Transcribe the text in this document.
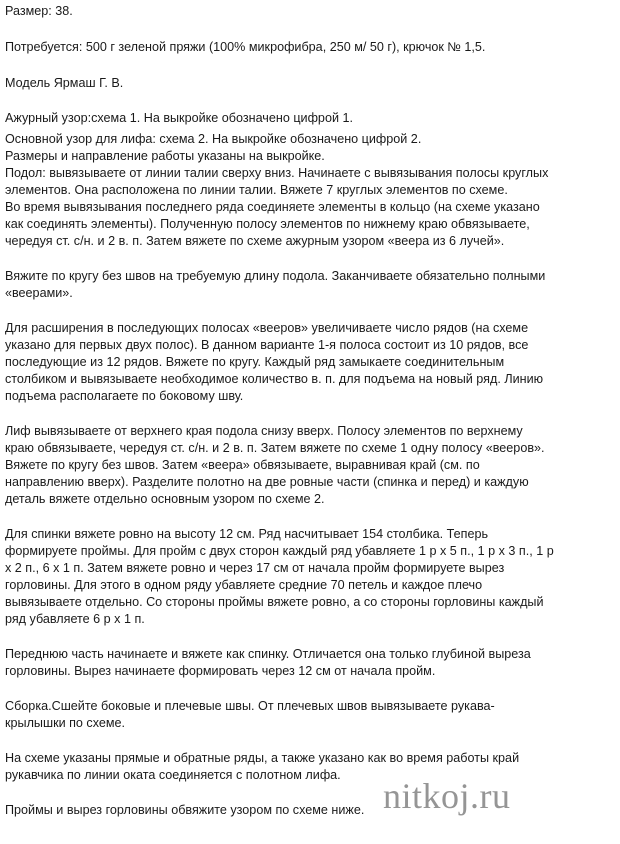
Размер: 38.

Потребуется: 500 г зеленой пряжи (100% микрофибра, 250 м/ 50 г), крючок № 1,5.

Модель Ярмаш Г. В.

Ажурный узор:схема 1. На выкройке обозначено цифрой 1.
Основной узор для лифа: схема 2. На выкройке обозначено цифрой 2.
Размеры и направление работы указаны на выкройке.
Подол: вывязываете от линии талии сверху вниз. Начинаете с вывязывания полосы круглых
элементов. Она расположена по линии талии. Вяжете 7 круглых элементов по схеме.
Во время вывязывания последнего ряда соединяете элементы в кольцо (на схеме указано
как соединять элементы). Полученную полосу элементов по нижнему краю обвязываете,
чередуя ст. с/н. и 2 в. п. Затем вяжете по схеме ажурным узором «веера из 6 лучей».

Вяжите по кругу без швов на требуемую длину подола. Заканчиваете обязательно полными
«веерами».

Для расширения в последующих полосах «вееров» увеличиваете число рядов (на схеме
указано для первых двух полос). В данном варианте 1-я полоса состоит из 10 рядов, все
последующие из 12 рядов. Вяжете по кругу. Каждый ряд замыкаете соединительным
столбиком и вывязываете необходимое количество в. п. для подъема на новый ряд. Линию
подъема располагаете по боковому шву.

Лиф вывязываете от верхнего края подола снизу вверх. Полосу элементов по верхнему
краю обвязываете, чередуя ст. с/н. и 2 в. п. Затем вяжете по схеме 1 одну полосу «вееров».
Вяжете по кругу без швов. Затем «веера» обвязываете, выравнивая край (см. по
направлению вверх). Разделите полотно на две ровные части (спинка и перед) и каждую
деталь вяжете отдельно основным узором по схеме 2.

Для спинки вяжете ровно на высоту 12 см. Ряд насчитывает 154 столбика. Теперь
формируете проймы. Для пройм с двух сторон каждый ряд убавляете 1 р х 5 п., 1 р х 3 п., 1 р
х 2 п., 6 х 1 п. Затем вяжете ровно и через 17 см от начала пройм формируете вырез
горловины. Для этого в одном ряду убавляете средние 70 петель и каждое плечо
вывязываете отдельно. Со стороны проймы вяжете ровно, а со стороны горловины каждый
ряд убавляете 6 р х 1 п.

Переднюю часть начинаете и вяжете как спинку. Отличается она только глубиной выреза
горловины. Вырез начинаете формировать через 12 см от начала пройм.

Сборка.Сшейте боковые и плечевые швы. От плечевых швов вывязываете рукава-
крылышки по схеме.

На схеме указаны прямые и обратные ряды, а также указано как во время работы край
рукавчика по линии оката соединяется с полотном лифа.

Проймы и вырез горловины обвяжите узором по схеме ниже. nitkoj.ru
